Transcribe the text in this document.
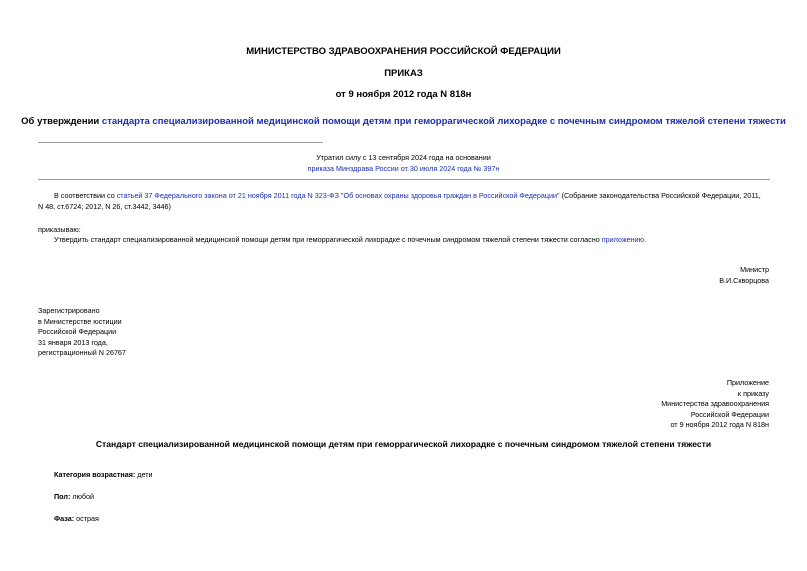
МИНИСТЕРСТВО ЗДРАВООХРАНЕНИЯ РОССИЙСКОЙ ФЕДЕРАЦИИ
ПРИКАЗ
от 9 ноября 2012 года N 818н
Об утверждении стандарта специализированной медицинской помощи детям при геморрагической лихорадке с почечным синдромом тяжелой степени тяжести
Утратил силу с 13 сентября 2024 года на основании
приказа Минздрава России от 30 июля 2024 года № 397н
В соответствии со статьей 37 Федерального закона от 21 ноября 2011 года N 323-ФЗ "Об основах охраны здоровья граждан в Российской Федерации" (Собрание законодательства Российской Федерации, 2011,
N 48, ст.6724; 2012, N 26, ст.3442, 3446)
приказываю:
Утвердить стандарт специализированной медицинской помощи детям при геморрагической лихорадке с почечным синдромом тяжелой степени тяжести согласно приложению.
Министр
В.И.Скворцова
Зарегистрировано
в Министерстве юстиции
Российской Федерации
31 января 2013 года,
регистрационный N 26767
Приложение
к приказу
Министерства здравоохранения
Российской Федерации
от 9 ноября 2012 года N 818н
Стандарт специализированной медицинской помощи детям при геморрагической лихорадке с почечным синдромом тяжелой степени тяжести
Категория возрастная: дети
Пол: любой
Фаза: острая
